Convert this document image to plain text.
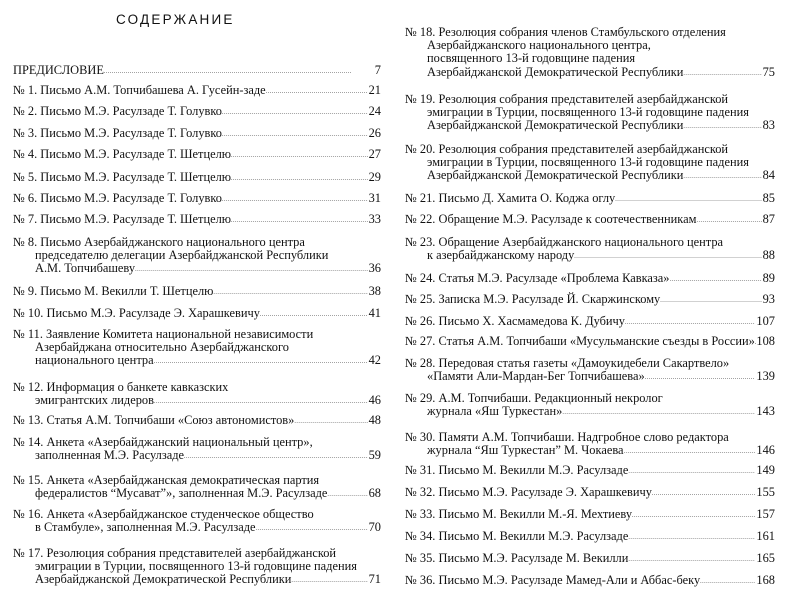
СОДЕРЖАНИЕ
ПРЕДИСЛОВИЕ . . .	7
№ 1. Письмо А.М. Топчибашева А. Гусейн-заде . . .	21
№ 2. Письмо М.Э. Расулзаде Т. Голувко . . .	24
№ 3. Письмо М.Э. Расулзаде Т. Голувко . . .	26
№ 4. Письмо М.Э. Расулзаде Т. Шетцелю . . .	27
№ 5. Письмо М.Э. Расулзаде Т. Шетцелю . . .	29
№ 6. Письмо М.Э. Расулзаде Т. Голувко . . .	31
№ 7. Письмо М.Э. Расулзаде Т. Шетцелю . . .	33
№ 8. Письмо Азербайджанского национального центра
председателю делегации Азербайджанской Республики
А.М. Топчибашеву . . .	36
№ 9. Письмо М. Векилли Т. Шетцелю . . .	38
№ 10. Письмо М.Э. Расулзаде Э. Харашкевичу . . .	41
№ 11. Заявление Комитета национальной независимости
Азербайджана относительно Азербайджанского
национального центра . . .	42
№ 12. Информация о банкете кавказских
эмигрантских лидеров . . .	46
№ 13. Статья А.М. Топчибаши «Союз автономистов» . . .	48
№ 14. Анкета «Азербайджанский национальный центр»,
заполненная М.Э. Расулзаде . . .	59
№ 15. Анкета «Азербайджанская демократическая партия
федералистов “Мусават”», заполненная М.Э. Расулзаде . . .	68
№ 16. Анкета «Азербайджанское студенческое общество
в Стамбуле», заполненная М.Э. Расулзаде . . .	70
№ 17. Резолюция собрания представителей азербайджанской
эмиграции в Турции, посвященного 13-й годовщине падения
Азербайджанской Демократической Республики . . .	71
№ 18. Резолюция собрания членов Стамбульского отделения
Азербайджанского национального центра,
посвященного 13-й годовщине падения
Азербайджанской Демократической Республики . . .	75
№ 19. Резолюция собрания представителей азербайджанской
эмиграции в Турции, посвященного 13-й годовщине падения
Азербайджанской Демократической Республики . . .	83
№ 20. Резолюция собрания представителей азербайджанской
эмиграции в Турции, посвященного 13-й годовщине падения
Азербайджанской Демократической Республики . . .	84
№ 21. Письмо Д. Хамита О. Коджа оглу . . .	85
№ 22. Обращение М.Э. Расулзаде к соотечественникам . . .	87
№ 23. Обращение Азербайджанского национального центра
к азербайджанскому народу . . .	88
№ 24. Статья М.Э. Расулзаде «Проблема Кавказа» . . .	89
№ 25. Записка М.Э. Расулзаде Й. Скаржинскому . . .	93
№ 26. Письмо Х. Хасмамедова К. Дубичу . . .	107
№ 27. Статья А.М. Топчибаши «Мусульманские съезды в России» . . . 108
№ 28. Передовая статья газеты «Дамоукидебели Сакартвело»
«Памяти Али-Мардан-Бег Топчибашева» . . .	139
№ 29. А.М. Топчибаши. Редакционный некролог
журнала «Яш Туркестан» . . .	143
№ 30. Памяти А.М. Топчибаши. Надгробное слово редактора
журнала “Яш Туркестан” М. Чокаева . . .	146
№ 31. Письмо М. Векилли М.Э. Расулзаде . . .	149
№ 32. Письмо М.Э. Расулзаде Э. Харашкевичу . . .	155
№ 33. Письмо М. Векилли М.-Я. Мехтиеву . . .	157
№ 34. Письмо М. Векилли М.Э. Расулзаде . . .	161
№ 35. Письмо М.Э. Расулзаде М. Векилли . . .	165
№ 36. Письмо М.Э. Расулзаде Мамед-Али и Аббас-беку . . .	168
